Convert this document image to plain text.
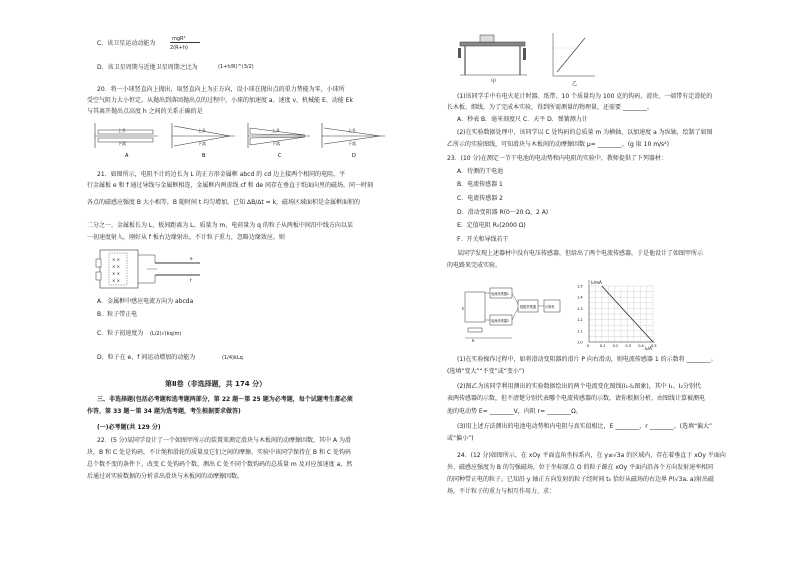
C．该卫星运动动能为
mgR²
2(R+h)
D．该卫星周期与近地卫星周期之比为	(1+h/R)^(3/2)
20．将一小球竖直向上抛出，取竖直向上为正方向，设小球在抛出点的重力势能为零，小球所
受空气阻力大小恒定。从抛出到落回抛出点的过程中，小球的加速度 a、速度 v、机械能 E、动能 Ek
与其离开抛出点高度 h 之间的关系正确的是
上升
下落
上升
下落
上升
下落
上升
下落
A	B	C	D
21．如图所示，电阻不计的边长为 L 的正方形金属框 abcd 的 cd 边上接两个相同的电阻，平
行金属板 e 和 f 通过导线与金属框相连，金属框内两虚线 cf 和 de 间存在垂直于纸面向里的磁场，同一时刻
各点的磁感应强度 B 大小相等，B 随时间 t 均匀增加，已知 ΔB/Δt = k，磁场区域面积是金属框面积的
二分之一，金属板长为 L，板间距离为 L。质量为 m，电荷量为 q 的粒子从两板中间沿中线方向以某
一初速度射入，刚好从 f 板右边缘射出。不计粒子重力，忽略边缘效应。则
× ×
× ×
× ×
× ×
e
f
A．金属框中感应电流方向为 abcda
B．粒子带正电
C．粒子初速度为 (L/2)√(kq/m)
D．粒子在 e、f 间运动增加的动能为	(1/4)kLq
第Ⅱ卷（非选择题，共 174 分）
三、非选择题(包括必考题和选考题两部分，第 22 题～第 25 题为必考题，每个试题考生都必须
作答，第 33 题～第 34 题为选考题，考生根据要求做答)
(一)必考题(共 129 分)
22．(5 分)某同学设计了一个如图甲所示的装置来测定滑块与木板间的动摩擦因数，其中 A 为滑
块，B 和 C 处是钩码，不计绳和滑轮的质量及它们之间的摩擦。实验中该同学保持在 B 和 C 处钩码
总个数不变的条件下，改变 C 处钩码个数，测出 C 处不同个数钩码的总质量 m 及对应加速度 a，然
后通过对实验数据的分析求出滑块与木板间的动摩擦因数。
甲	乙
(1)该同学手中有电火花计时器、纸带、10 个质量均为 100 克的钩码、滑块、一端带有定滑轮的
长木板、细线，为了完成本实验，得到所需测量的物理量，还需要 ________。
A．秒表 B．毫米刻度尺 C．天平 D．弹簧测力计
(2)在实验数据处理中，该同学以 C 处钩码的总质量 m 为横轴，以加速度 a 为纵轴，绘制了如图
乙所示的实验图线，可知滑块与木板间的动摩擦因数 μ= ________。(g 取 10 m/s²)
23．(10 分)在测定一节干电池的电动势和内电阻的实验中，教师提供了下列器材：
A．待测的干电池
B．电流传感器 1
C．电流传感器 2
D．滑动变阻器 R(0～20 Ω，2 A)
E．定值电阻 R₀(2000 Ω)
F．开关和导线若干
某同学发现上述器材中没有电压传感器，但给出了两个电流传感器，于是他设计了如图甲所示
的电路来完成实验。
电流传感器1
电流传感器2
数据采集器	计算机
E
R	1.0
1.1
1.2
1.3
1.4
1.5
0	0.1 0.2 0.3 0.4 0.5
I₁/mA
I₂/A
(1)在实验操作过程中，如将滑动变阻器的滑片 P 向右滑动，则电流传感器 1 的示数将 ________。
(选填“变大”“不变”或“变小”)
(2)图乙为该同学利用测出的实验数据绘出的两个电流变化图线(I₁-I₂图象)，其中 I₁、I₂分别代
表两传感器的示数，但不清楚分别代表哪个电流传感器的示数。请你根据分析，由图线计算被测电
池的电动势 E= ________V，内阻 r= ________Ω。
(3)用上述方法测出的电池电动势和内电阻与真实值相比，E ________，r ________。(选填“偏大”
或“偏小”)
24．(12 分)如图所示，在 xOy 平面直角坐标系内，在 y≤√3a 的区域内，存在着垂直于 xOy 平面向
外、磁感应强度为 B 的匀强磁场，位于坐标原点 O 的粒子源在 xOy 平面内沿各个方向发射速率相同
的同种带正电的粒子。已知沿 y 轴正方向发射的粒子经时间 t₀ 恰好从磁场的右边界 P(√3a, a)射出磁
场。不计粒子的重力与相互作用力，求：
